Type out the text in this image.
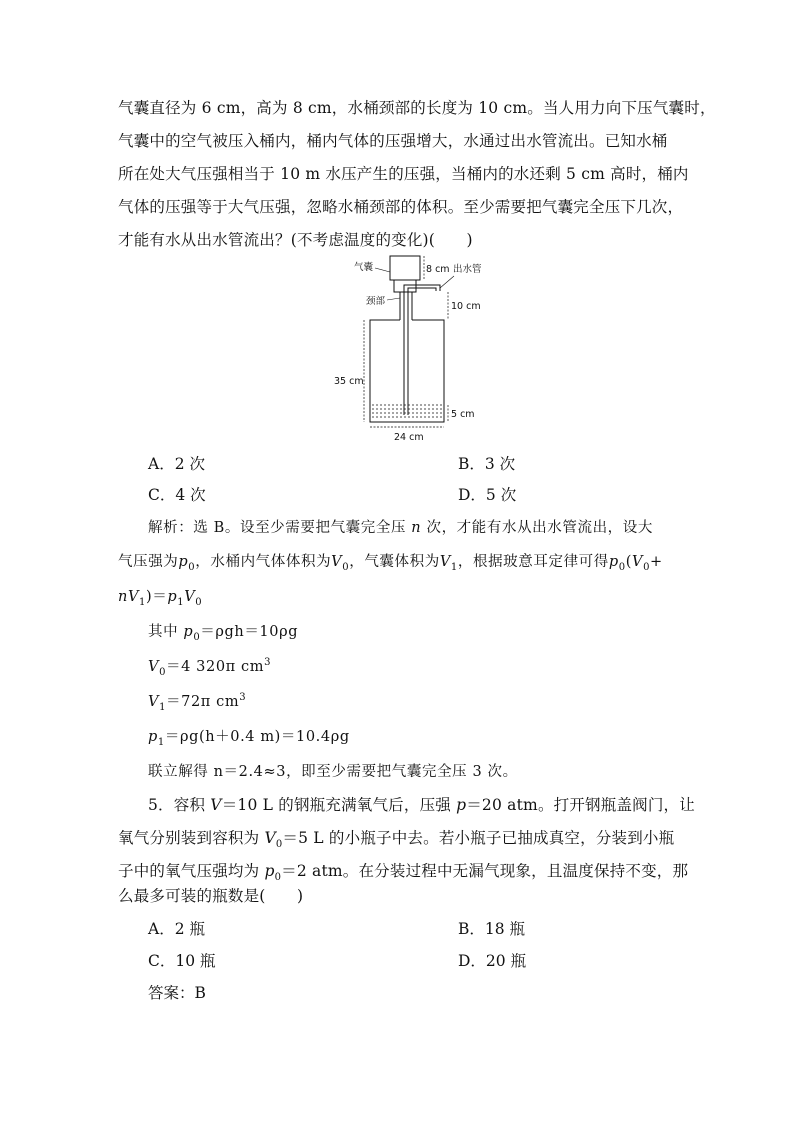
气囊直径为 6 cm，高为 8 cm，水桶颈部的长度为 10 cm。当人用力向下压气囊时，
气囊中的空气被压入桶内，桶内气体的压强增大，水通过出水管流出。已知水桶
所在处大气压强相当于 10 m 水压产生的压强，当桶内的水还剩 5 cm 高时，桶内
气体的压强等于大气压强，忽略水桶颈部的体积。至少需要把气囊完全压下几次，
才能有水从出水管流出？(不考虑温度的变化)(　　)
8 cm
10 cm
35 cm
5 cm
24 cm
气囊
颈部
出水管
A．2 次	B．3 次
C．4 次	D．5 次
解析：选 B。设至少需要把气囊完全压 n 次，才能有水从出水管流出，设大
气压强为$p_0$，水桶内气体体积为$V_0$，气囊体积为$V_1$，根据玻意耳定律可得$p_0(V_0+$
$nV_1)=p_1V_0$
其中 $p_0=\rho gh=10\rho g$
$V_0=4$ 320π $cm^3$
$V_1=72\pi$ $cm^3$
$p_1=\rho g(h+0.4$ m)＝10.4ρg
联立解得 n＝2.4≈3，即至少需要把气囊完全压 3 次。
5．容积 V＝10 L 的钢瓶充满氧气后，压强 p＝20 atm。打开钢瓶盖阀门，让
氧气分别装到容积为 $V_0=5$ L 的小瓶子中去。若小瓶子已抽成真空，分装到小瓶
子中的氧气压强均为 $p_0=2$ atm。在分装过程中无漏气现象，且温度保持不变，那
么最多可装的瓶数是(　　)
A．2 瓶	B．18 瓶
C．10 瓶	D．20 瓶
答案：B
